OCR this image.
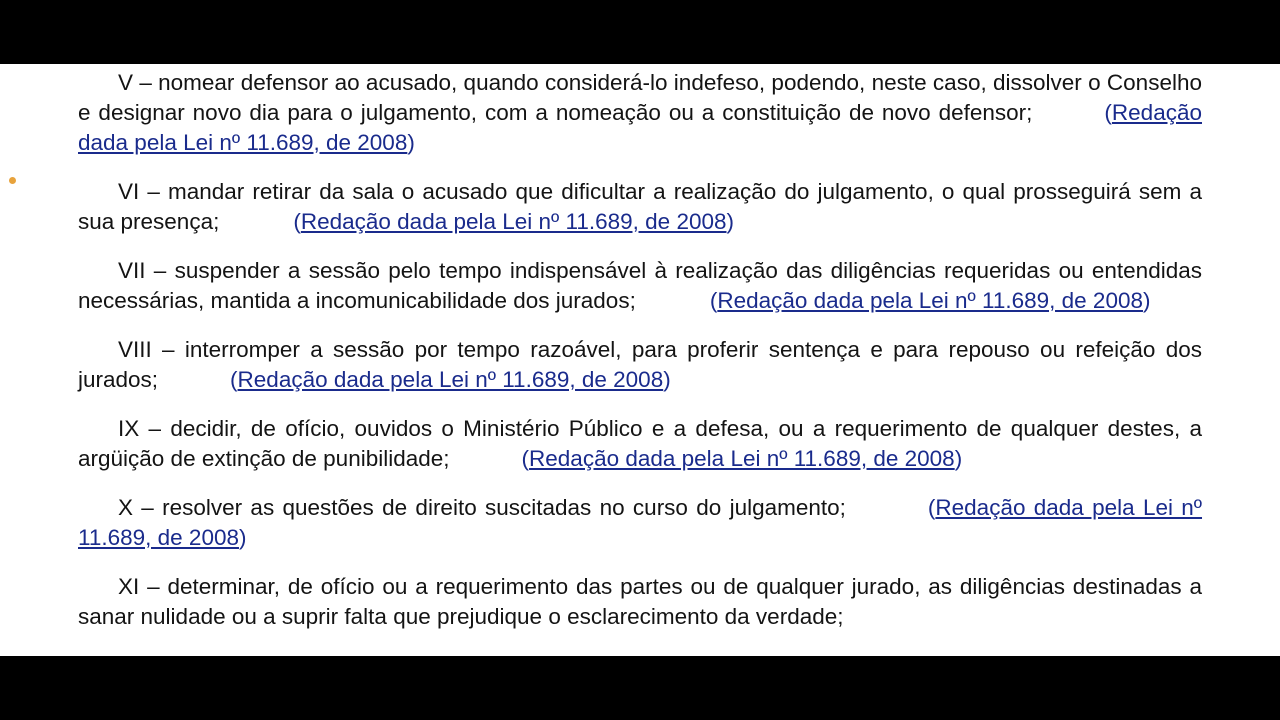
V – nomear defensor ao acusado, quando considerá-lo indefeso, podendo, neste caso, dissolver o Conselho e designar novo dia para o julgamento, com a nomeação ou a constituição de novo defensor;	(Redação dada pela Lei nº 11.689, de 2008)

VI – mandar retirar da sala o acusado que dificultar a realização do julgamento, o qual prosseguirá sem a sua presença;	(Redação dada pela Lei nº 11.689, de 2008)

VII – suspender a sessão pelo tempo indispensável à realização das diligências requeridas ou entendidas necessárias, mantida a incomunicabilidade dos jurados;	(Redação dada pela Lei nº 11.689, de 2008)

VIII – interromper a sessão por tempo razoável, para proferir sentença e para repouso ou refeição dos jurados;	(Redação dada pela Lei nº 11.689, de 2008)

IX – decidir, de ofício, ouvidos o Ministério Público e a defesa, ou a requerimento de qualquer destes, a argüição de extinção de punibilidade;	(Redação dada pela Lei nº 11.689, de 2008)

X – resolver as questões de direito suscitadas no curso do julgamento;	(Redação dada pela Lei nº 11.689, de 2008)

XI – determinar, de ofício ou a requerimento das partes ou de qualquer jurado, as diligências destinadas a sanar nulidade ou a suprir falta que prejudique o esclarecimento da verdade;
